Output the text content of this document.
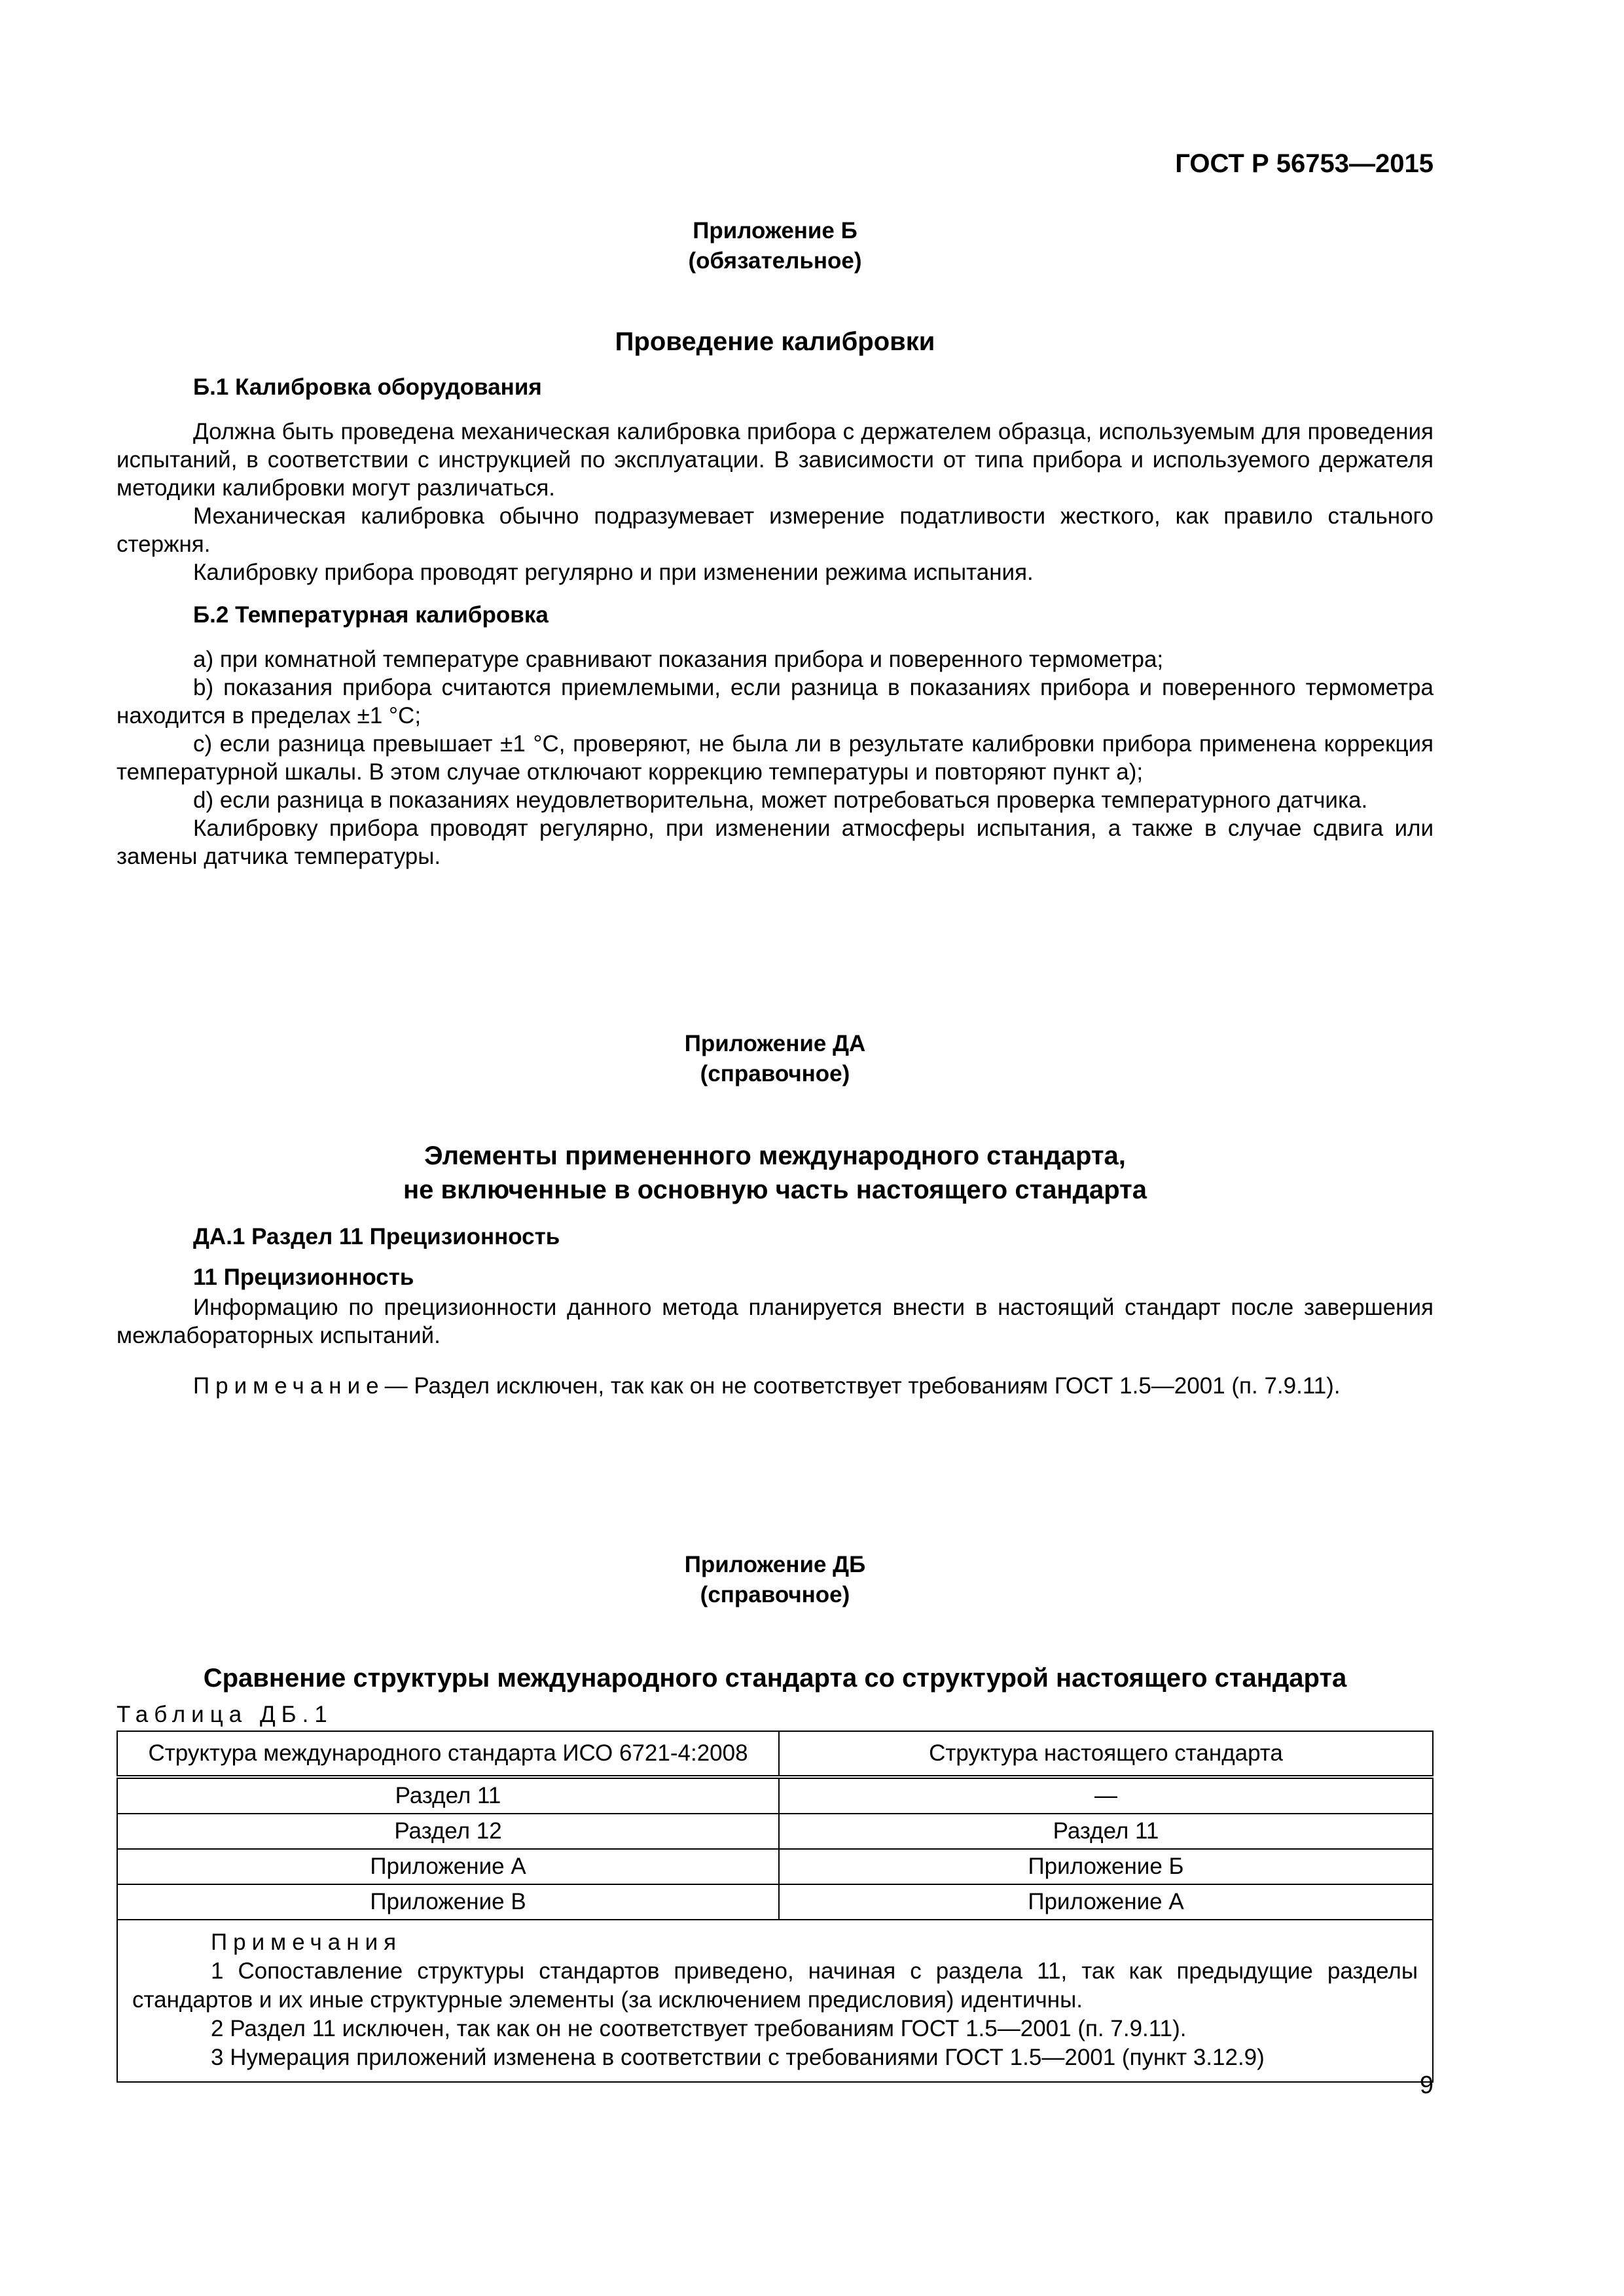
ГОСТ Р 56753—2015
Приложение Б
(обязательное)
Проведение калибровки
Б.1 Калибровка оборудования

Должна быть проведена механическая калибровка прибора с держателем образца, используемым для проведения испытаний, в соответствии с инструкцией по эксплуатации. В зависимости от типа прибора и используемого держателя методики калибровки могут различаться.

Механическая калибровка обычно подразумевает измерение податливости жесткого, как правило стального стержня.

Калибровку прибора проводят регулярно и при изменении режима испытания.

Б.2 Температурная калибровка

а) при комнатной температуре сравнивают показания прибора и поверенного термометра;

b) показания прибора считаются приемлемыми, если разница в показаниях прибора и поверенного термометра находится в пределах ±1 °C;

с) если разница превышает ±1 °C, проверяют, не была ли в результате калибровки прибора применена коррекция температурной шкалы. В этом случае отключают коррекцию температуры и повторяют пункт а);

d) если разница в показаниях неудовлетворительна, может потребоваться проверка температурного датчика.

Калибровку прибора проводят регулярно, при изменении атмосферы испытания, а также в случае сдвига или замены датчика температуры.

Приложение ДА
(справочное)
Элементы примененного международного стандарта,
не включенные в основную часть настоящего стандарта
ДА.1 Раздел 11 Прецизионность
11 Прецизионность

Информацию по прецизионности данного метода планируется внести в настоящий стандарт после завершения межлабораторных испытаний.

Примечание— Раздел исключен, так как он не соответствует требованиям ГОСТ 1.5—2001 (п. 7.9.11).

Приложение ДБ
(справочное)
Сравнение структуры международного стандарта со структурой настоящего стандарта
Таблица ДБ.1
Структура международного стандарта ИСО 6721-4:2008	Структура настоящего стандарта
Раздел 11	—
Раздел 12	Раздел 11
Приложение А	Приложение Б
Приложение В	Приложение А

Примечания

1 Сопоставление структуры стандартов приведено, начиная с раздела 11, так как предыдущие разделы стандартов и их иные структурные элементы (за исключением предисловия) идентичны.

2 Раздел 11 исключен, так как он не соответствует требованиям ГОСТ 1.5—2001 (п. 7.9.11).

3 Нумерация приложений изменена в соответствии с требованиями ГОСТ 1.5—2001 (пункт 3.12.9)	

9
